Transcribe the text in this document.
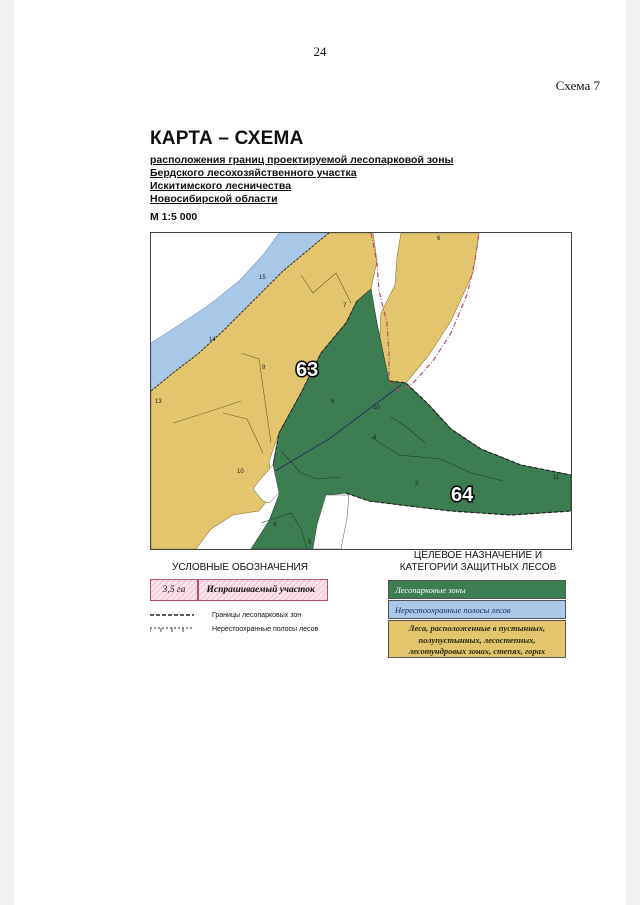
24
Схема 7
КАРТА – СХЕМА
расположения границ проектируемой лесопарковой зоны
Бердского лесохозяйственного участка
Искитимского лесничества
Новосибирской области
М 1:5 000
63
64
6
15
7
14
9
13	8
10
4
3
5
4
11
10
УСЛОВНЫЕ ОБОЗНАЧЕНИЯ
ЦЕЛЕВОЕ НАЗНАЧЕНИЕ И
КАТЕГОРИИ ЗАЩИТНЫХ ЛЕСОВ
3,5 га	Испрашиваемый участок
Границы лесопарковых зон
Нерестоохранные полосы лесов
Лесопарковые зоны
Нерестоохранные полосы лесов
Леса, расположенные в пустынных,
полупустынных, лесостепных,
лесотундровых зонах, степях, горах
